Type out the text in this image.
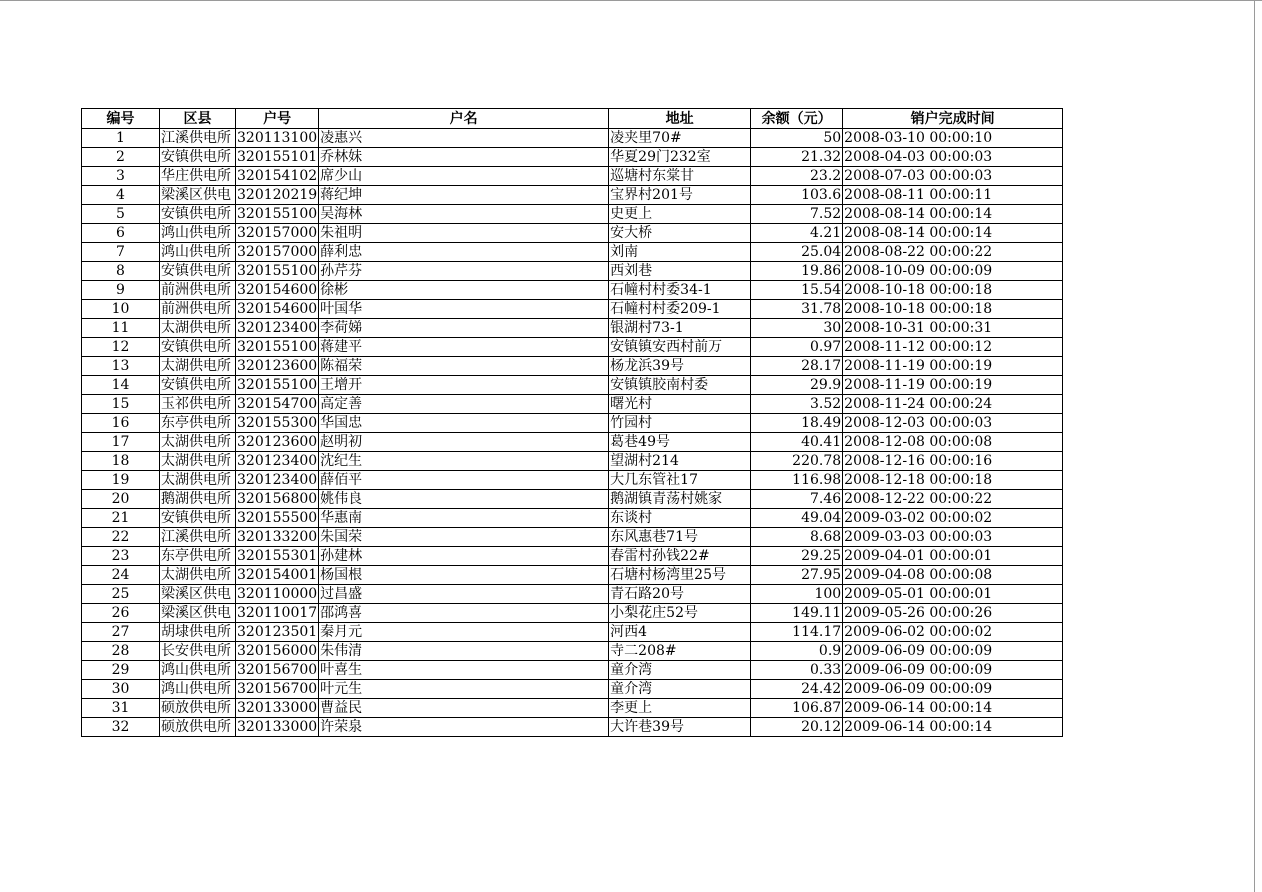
编号	区县	户号	户名	地址	余额（元）	销户完成时间
1	江溪供电所	320113100	凌惠兴	凌夹里70#	50	2008-03-10 00:00:10
2	安镇供电所	320155101	乔林妹	华夏29门232室	21.32	2008-04-03 00:00:03
3	华庄供电所	320154102	席少山	巡塘村东棠甘	23.2	2008-07-03 00:00:03
4	梁溪区供电	320120219	蒋纪坤	宝界村201号	103.6	2008-08-11 00:00:11
5	安镇供电所	320155100	吴海林	史更上	7.52	2008-08-14 00:00:14
6	鸿山供电所	320157000	朱祖明	安大桥	4.21	2008-08-14 00:00:14
7	鸿山供电所	320157000	薛利忠	刘南	25.04	2008-08-22 00:00:22
8	安镇供电所	320155100	孙芹芬	西刘巷	19.86	2008-10-09 00:00:09
9	前洲供电所	320154600	徐彬	石幢村村委34-1	15.54	2008-10-18 00:00:18
10	前洲供电所	320154600	叶国华	石幢村村委209-1	31.78	2008-10-18 00:00:18
11	太湖供电所	320123400	李荷娣	银湖村73-1	30	2008-10-31 00:00:31
12	安镇供电所	320155100	蒋建平	安镇镇安西村前万	0.97	2008-11-12 00:00:12
13	太湖供电所	320123600	陈福荣	杨龙浜39号	28.17	2008-11-19 00:00:19
14	安镇供电所	320155100	王增开	安镇镇胶南村委	29.9	2008-11-19 00:00:19
15	玉祁供电所	320154700	高定善	曙光村	3.52	2008-11-24 00:00:24
16	东亭供电所	320155300	华国忠	竹园村	18.49	2008-12-03 00:00:03
17	太湖供电所	320123600	赵明初	葛巷49号	40.41	2008-12-08 00:00:08
18	太湖供电所	320123400	沈纪生	望湖村214	220.78	2008-12-16 00:00:16
19	太湖供电所	320123400	薛佰平	大几东管社17	116.98	2008-12-18 00:00:18
20	鹅湖供电所	320156800	姚伟良	鹅湖镇青荡村姚家	7.46	2008-12-22 00:00:22
21	安镇供电所	320155500	华惠南	东谈村	49.04	2009-03-02 00:00:02
22	江溪供电所	320133200	朱国荣	东风惠巷71号	8.68	2009-03-03 00:00:03
23	东亭供电所	320155301	孙建林	春雷村孙钱22#	29.25	2009-04-01 00:00:01
24	太湖供电所	320154001	杨国根	石塘村杨湾里25号	27.95	2009-04-08 00:00:08
25	梁溪区供电	320110000	过昌盛	青石路20号	100	2009-05-01 00:00:01
26	梁溪区供电	320110017	邵鸿喜	小梨花庄52号	149.11	2009-05-26 00:00:26
27	胡埭供电所	320123501	秦月元	河西4	114.17	2009-06-02 00:00:02
28	长安供电所	320156000	朱伟清	寺二208#	0.9	2009-06-09 00:00:09
29	鸿山供电所	320156700	叶喜生	童介湾	0.33	2009-06-09 00:00:09
30	鸿山供电所	320156700	叶元生	童介湾	24.42	2009-06-09 00:00:09
31	硕放供电所	320133000	曹益民	李更上	106.87	2009-06-14 00:00:14
32	硕放供电所	320133000	许荣泉	大许巷39号	20.12	2009-06-14 00:00:14
